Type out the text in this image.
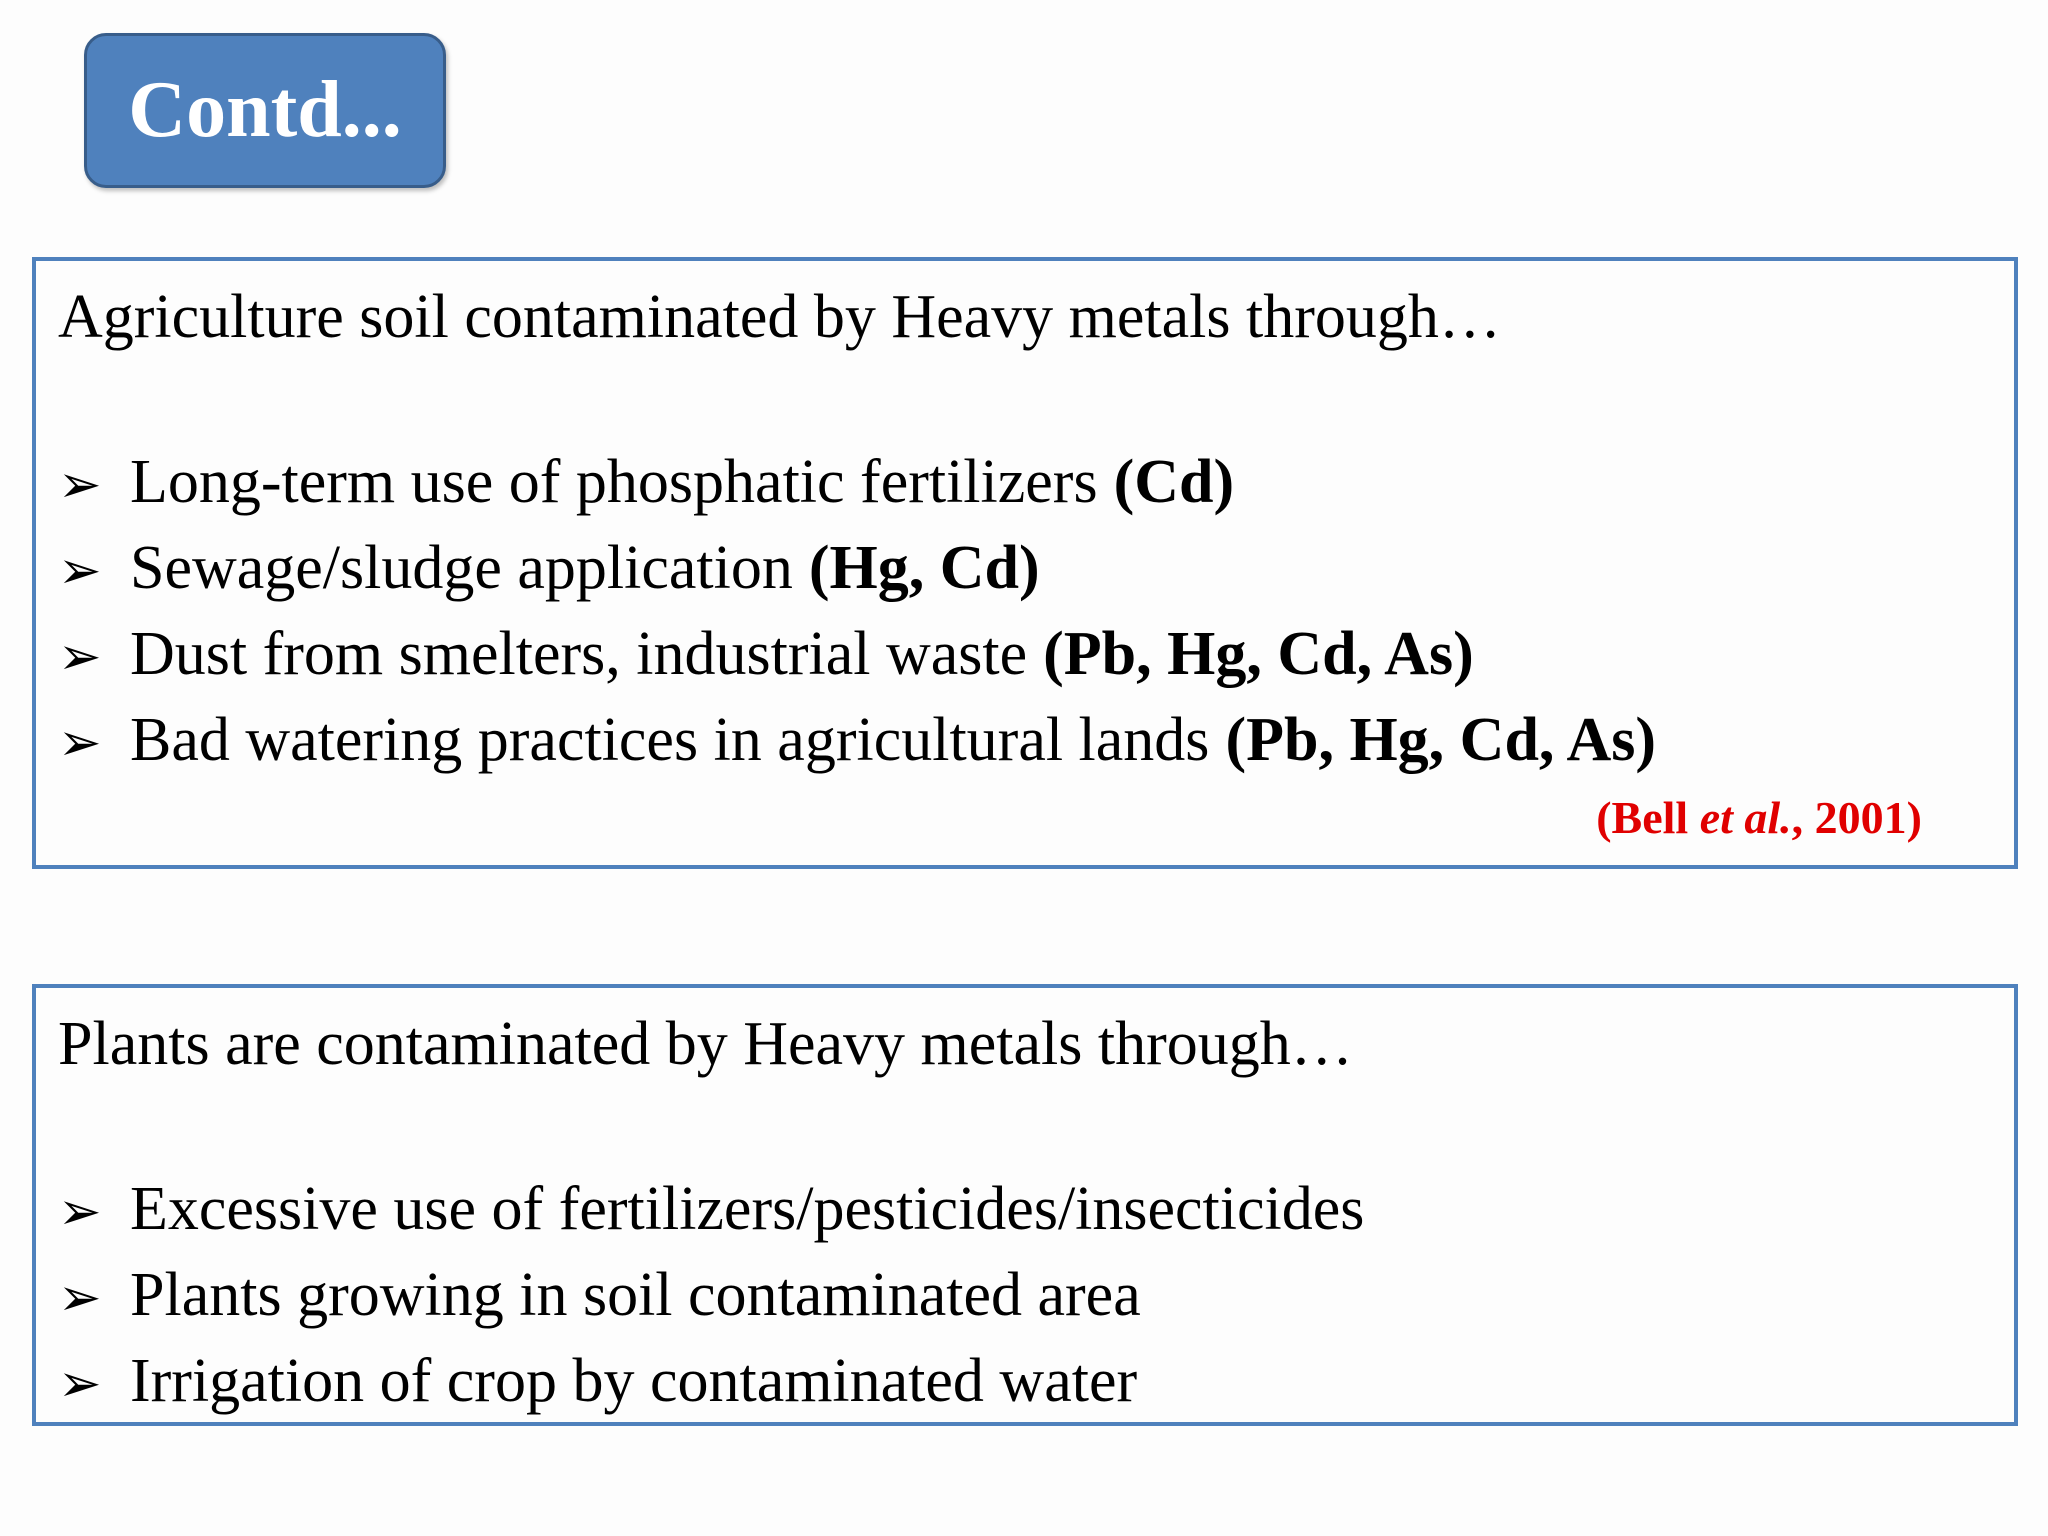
Contd...
Agriculture soil contaminated by Heavy metals through…
➢ Long-term use of phosphatic fertilizers (Cd)
➢ Sewage/sludge application (Hg, Cd)
➢ Dust from smelters, industrial waste (Pb, Hg, Cd, As)
➢ Bad watering practices in agricultural lands (Pb, Hg, Cd, As)
(Bell et al., 2001)
Plants are contaminated by Heavy metals through…
➢ Excessive use of fertilizers/pesticides/insecticides
➢ Plants growing in soil contaminated area
➢ Irrigation of crop by contaminated water
